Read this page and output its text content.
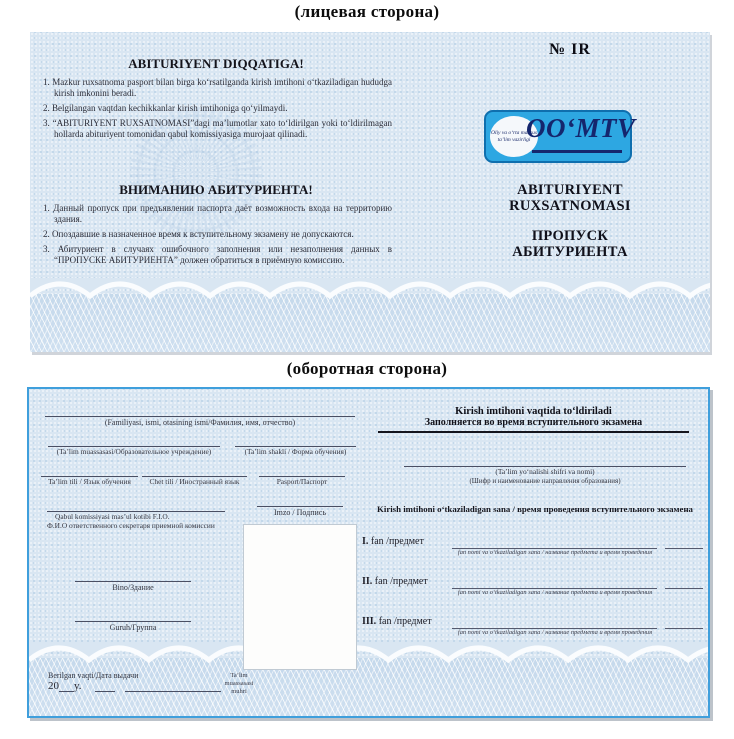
(лицевая сторона)
ABITURIYENT DIQQATIGA!

1. Mazkur ruxsatnoma pasport bilan birga ko‘rsatilganda kirish imtihoni o‘tkaziladigan hududga kirish imkonini beradi.

2. Belgilangan vaqtdan kechikkanlar kirish imtihoniga qo‘yilmaydi.

3. “ABITURIYENT RUXSATNOMASI”dagi ma’lumotlar xato to‘ldirilgan yoki to‘ldirilmagan hollarda abituriyent tomonidan qabul komissiyasiga murojaat qilinadi.

ВНИМАНИЮ АБИТУРИЕНТА!

1. Данный пропуск при предъявлении паспорта даёт возможность входа на территорию здания.

2. Опоздавшие в назначенное время к вступительному экзамену не допускаются.

3. Абитуриент в случаях ошибочного заполнения или незаполнения данных в “ПРОПУСКЕ АБИТУРИЕНТА” должен обратиться в приёмную комиссию.

№ IR
Oliy va o‘rta maxsus ta’lim vazirligi
OO‘MTV
ABITURIYENT RUXSATNOMASI
ПРОПУСК АБИТУРИЕНТА
(оборотная сторона)
(Familiyasi, ismi, otasining ismi/Фамилия, имя, отчество)
(Ta’lim muassasasi/Образовательное учреждение)	(Ta’lim shakli / Форма обучения)
Ta’lim tili / Язык обучения	Chet tili / Иностранный язык	Pasport/Паспорт
Qabul komissiyasi mas’ul kotibi F.I.O.
Ф.И.О ответственного секретаря приемной комиссии
Imzo / Подпись
Bino/Здание
Guruh/Группа
Berilgan vaqti/Дата выдачи
20 y.
Ta’lim
muassasasi
muhri
Kirish imtihoni vaqtida to‘ldiriladi
Заполняется во время вступительного экзамена
(Ta’lim yo‘nalishi shifri va nomi)
(Шифр и наименование направления образования)
Kirish imtihoni o‘tkaziladigan sana / время проведения вступительного экзамена
I. fan /предмет
fan nomi va o‘tkaziladigan sana / название предмета и время проведения
II. fan /предмет
fan nomi va o‘tkaziladigan sana / название предмета и время проведения
III. fan /предмет
fan nomi va o‘tkaziladigan sana / название предмета и время проведения
